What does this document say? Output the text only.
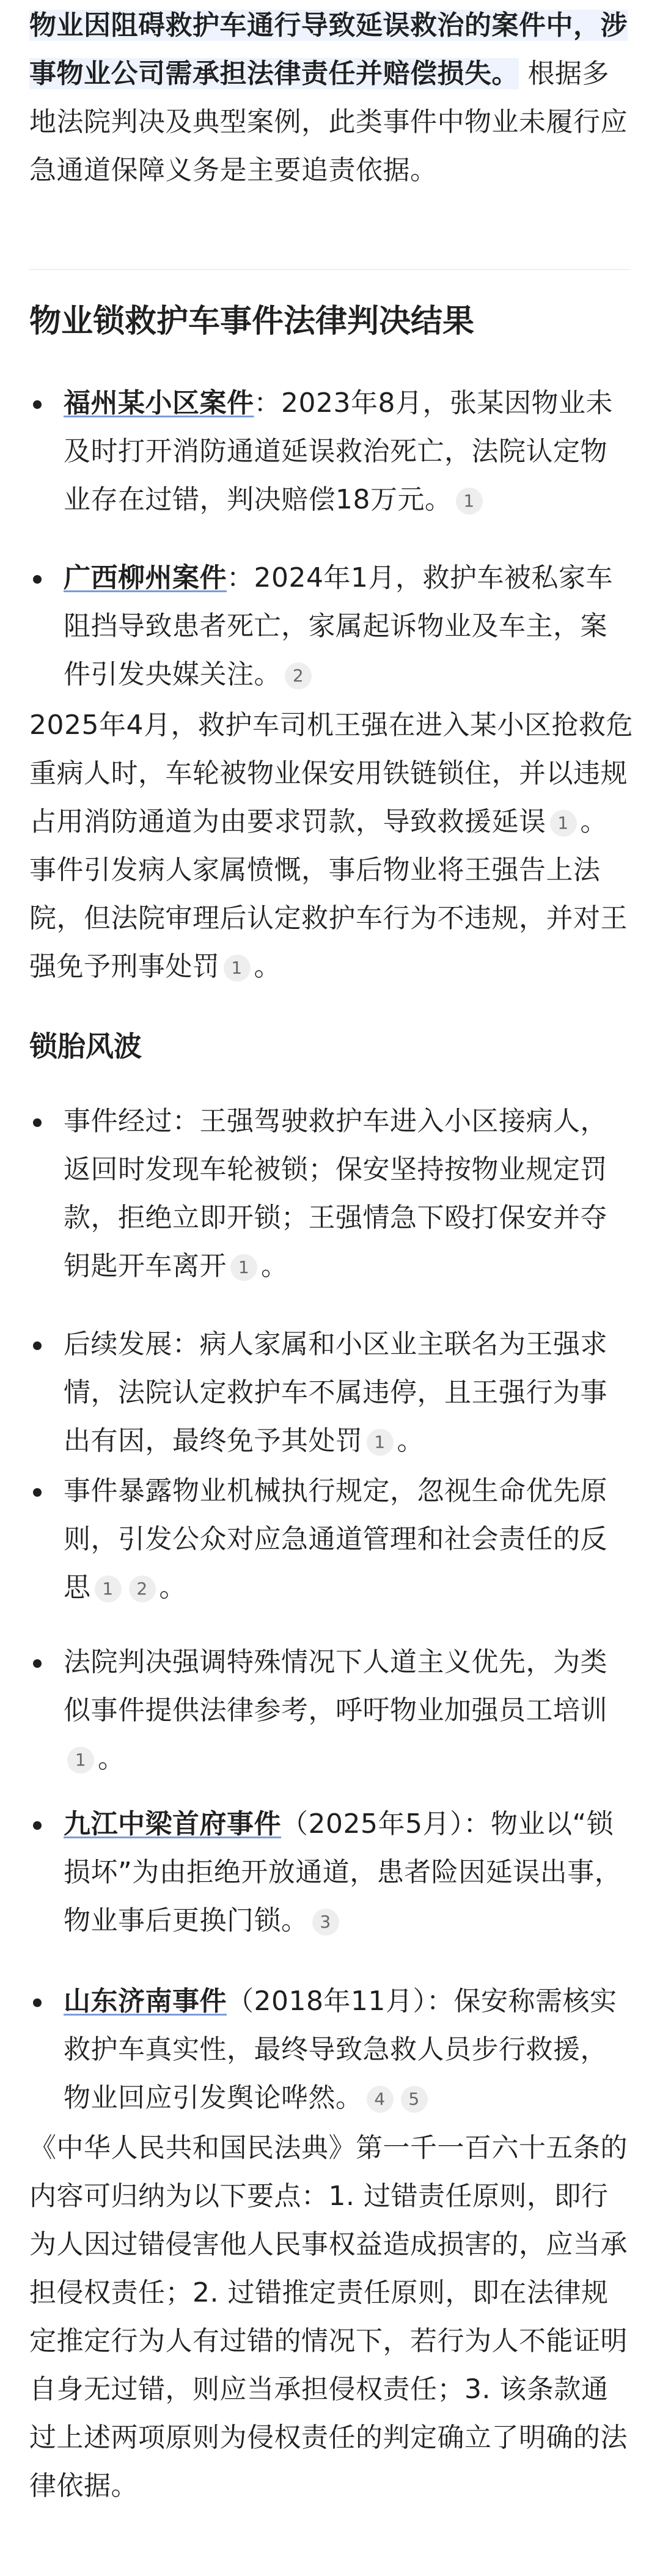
物业因阻碍救护车通行导致延误救治的案件中，涉事物业公司需承担法律责任并赔偿损失。 根据多地法院判决及典型案例，此类事件中物业未履行应急通道保障义务是主要追责依据。

物业锁救护车事件法律判决结果

福州某小区案件：2023年8月，张某因物业未及时打开消防通道延误救治死亡，法院认定物业存在过错，判决赔偿18万元。 1

广西柳州案件：2024年1月，救护车被私家车阻挡导致患者死亡，家属起诉物业及车主，案件引发央媒关注。 2

2025年4月，救护车司机王强在进入某小区抢救危重病人时，车轮被物业保安用铁链锁住，并以违规占用消防通道为由要求罚款，导致救援延误 1 。事件引发病人家属愤慨，事后物业将王强告上法院，但法院审理后认定救护车行为不违规，并对王强免予刑事处罚 1 。

锁胎风波

事件经过：王强驾驶救护车进入小区接病人，返回时发现车轮被锁；保安坚持按物业规定罚款，拒绝立即开锁；王强情急下殴打保安并夺钥匙开车离开 1 。

后续发展：病人家属和小区业主联名为王强求情，法院认定救护车不属违停，且王强行为事出有因，最终免予其处罚 1 。

事件暴露物业机械执行规定，忽视生命优先原则，引发公众对应急通道管理和社会责任的反思 1 2 。

法院判决强调特殊情况下人道主义优先，为类似事件提供法律参考，呼吁物业加强员工培训1 。

九江中梁首府事件（2025年5月）：物业以“锁损坏”为由拒绝开放通道，患者险因延误出事，物业事后更换门锁。 3

山东济南事件（2018年11月）：保安称需核实救护车真实性，最终导致急救人员步行救援，物业回应引发舆论哗然。 4 5

《中华人民共和国民法典》第一千一百六十五条的内容可归纳为以下要点：1. 过错责任原则，即行为人因过错侵害他人民事权益造成损害的，应当承担侵权责任；2. 过错推定责任原则，即在法律规定推定行为人有过错的情况下，若行为人不能证明自身无过错，则应当承担侵权责任；3. 该条款通过上述两项原则为侵权责任的判定确立了明确的法律依据。
